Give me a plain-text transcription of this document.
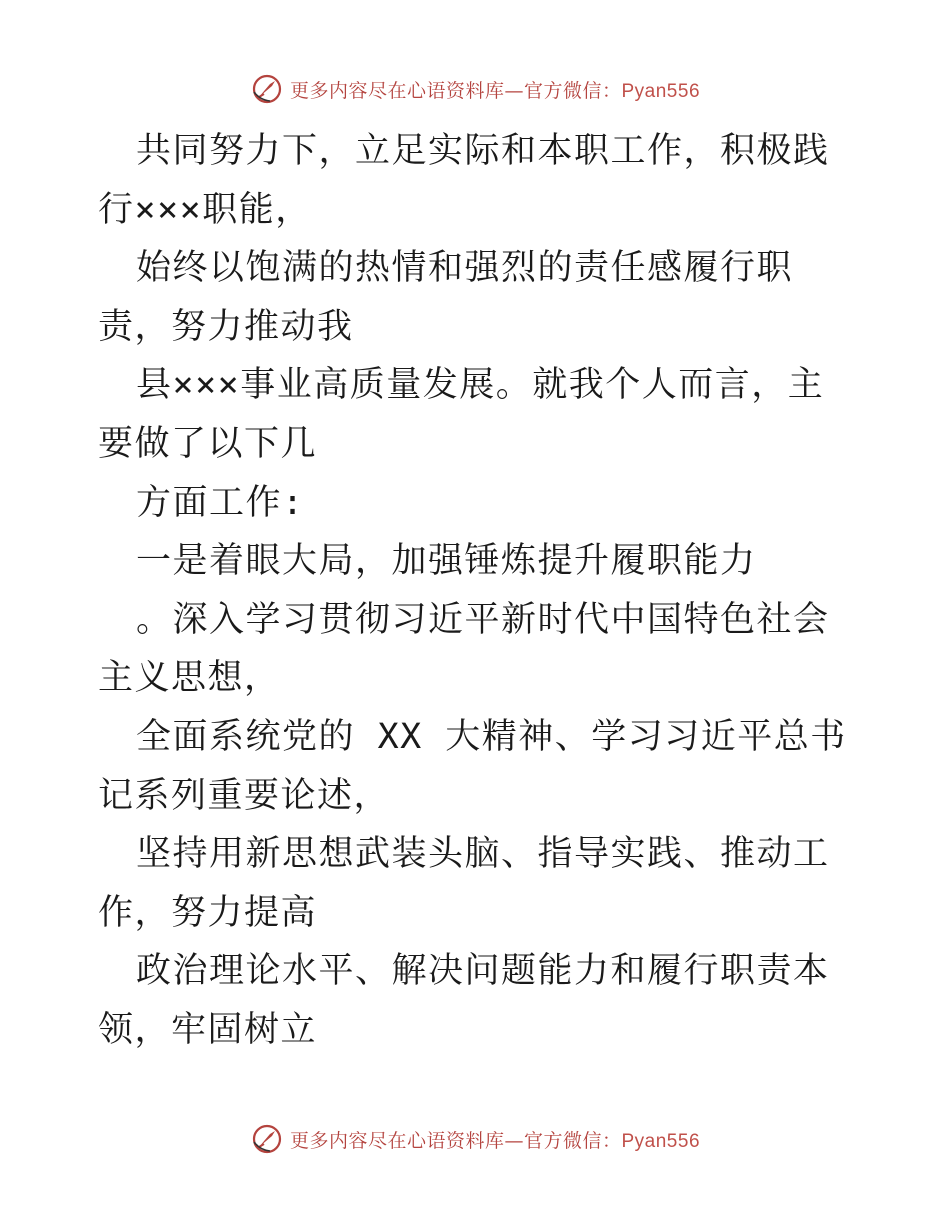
更多内容尽在心语资料库—官方微信：Pyan556

共同努力下，立足实际和本职工作，积极践行×××职能，

始终以饱满的热情和强烈的责任感履行职责，努力推动我

县×××事业高质量发展。就我个人而言，主要做了以下几

方面工作:

一是着眼大局，加强锤炼提升履职能力

。深入学习贯彻习近平新时代中国特色社会主义思想，

全面系统党的 XX 大精神、学习习近平总书记系列重要论述，

坚持用新思想武装头脑、指导实践、推动工作，努力提高

政治理论水平、解决问题能力和履行职责本领，牢固树立

更多内容尽在心语资料库—官方微信：Pyan556
